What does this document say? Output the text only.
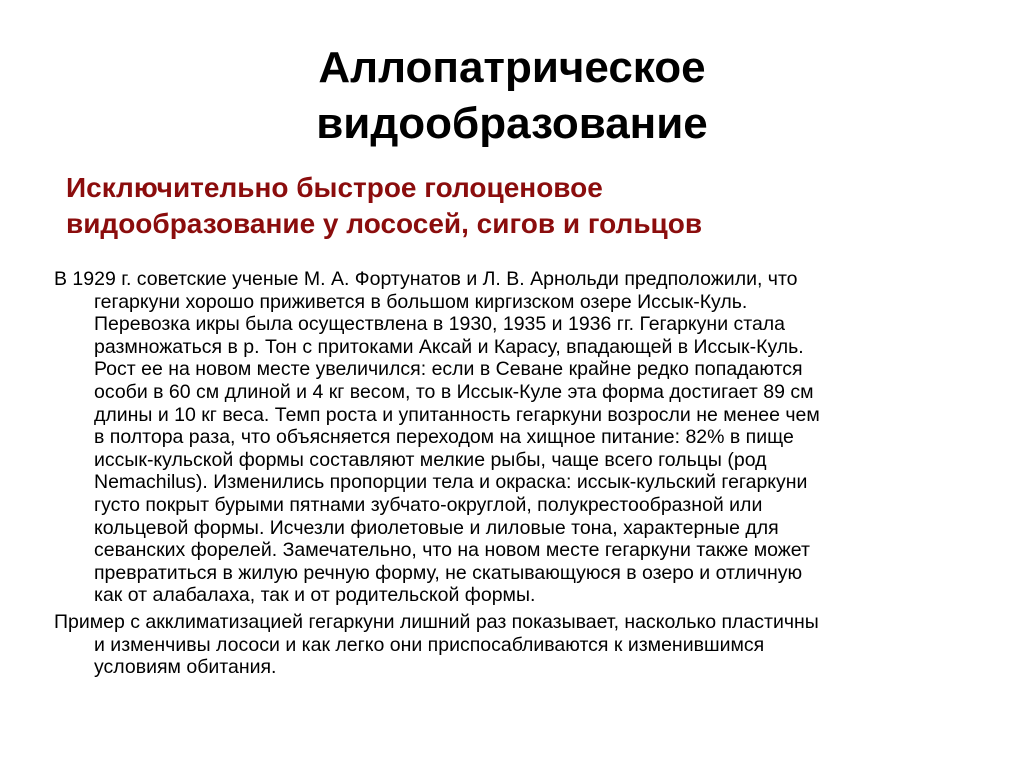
Аллопатрическое
видообразование
Исключительно быстрое голоценовое
видообразование у лососей, сигов и гольцов

В 1929 г. советские ученые М. А. Фортунатов и Л. В. Арнольди предположили, что
гегаркуни хорошо приживется в большом киргизском озере Иссык-Куль.
Перевозка икры была осуществлена в 1930, 1935 и 1936 гг. Гегаркуни стала
размножаться в р. Тон с притоками Аксай и Карасу, впадающей в Иссык-Куль.
Рост ее на новом месте увеличился: если в Севане крайне редко попадаются
особи в 60 см длиной и 4 кг весом, то в Иссык-Куле эта форма достигает 89 см
длины и 10 кг веса. Темп роста и упитанность гегаркуни возросли не менее чем
в полтора раза, что объясняется переходом на хищное питание: 82% в пище
иссык-кульской формы составляют мелкие рыбы, чаще всего гольцы (род
Nemachilus). Изменились пропорции тела и окраска: иссык-кульский гегаркуни
густо покрыт бурыми пятнами зубчато-округлой, полукрестообразной или
кольцевой формы. Исчезли фиолетовые и лиловые тона, характерные для
севанских форелей. Замечательно, что на новом месте гегаркуни также может
превратиться в жилую речную форму, не скатывающуюся в озеро и отличную
как от алабалаха, так и от родительской формы.

Пример с акклиматизацией гегаркуни лишний раз показывает, насколько пластичны
и изменчивы лососи и как легко они приспосабливаются к изменившимся
условиям обитания.
